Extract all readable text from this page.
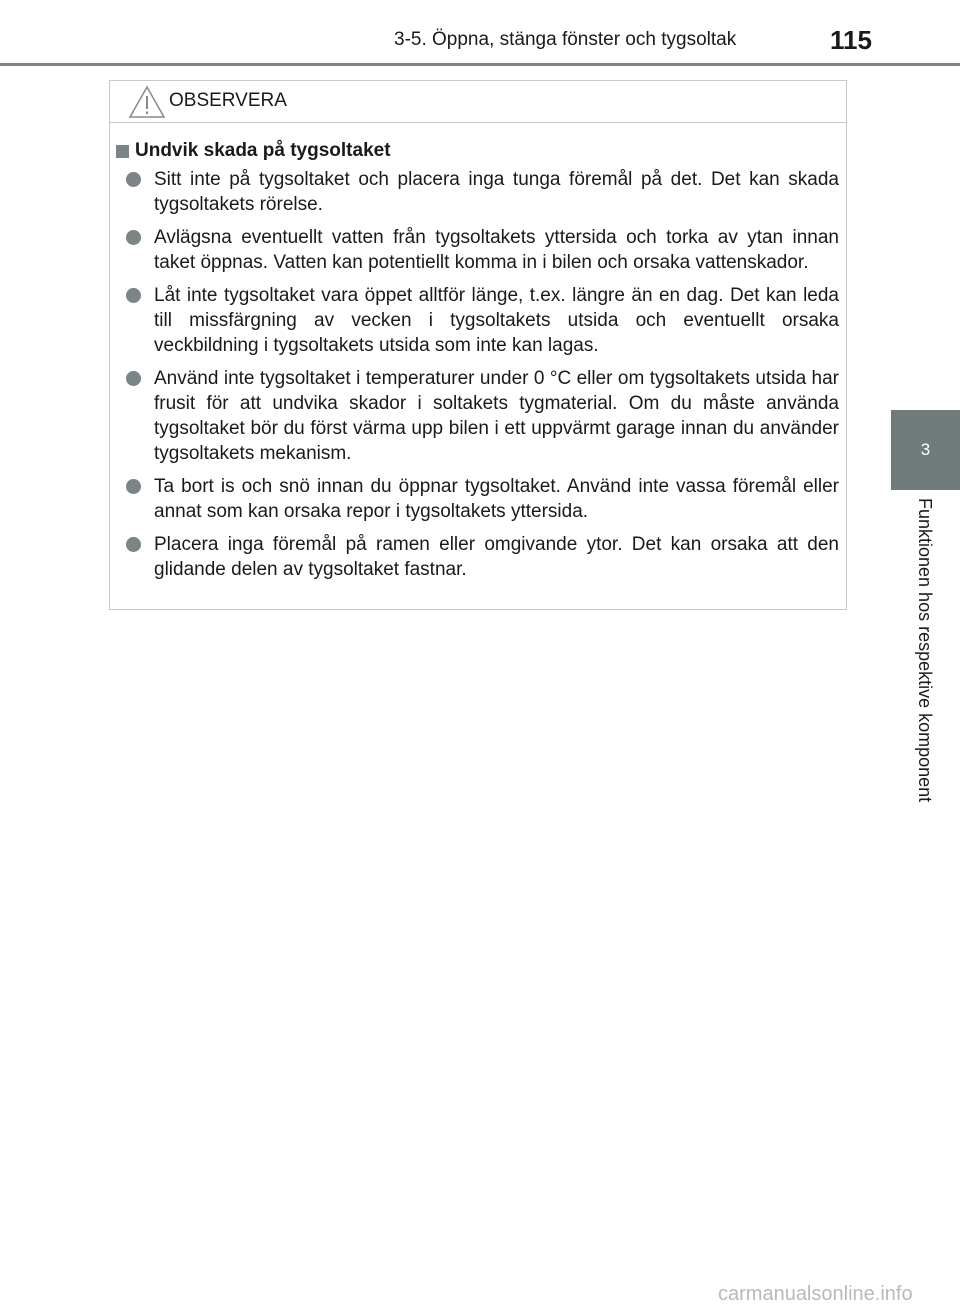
3-5. Öppna, stänga fönster och tygsoltak	115
3
Funktionen hos respektive komponent
OBSERVERA
Undvik skada på tygsoltaket
Sitt inte på tygsoltaket och placera inga tunga föremål på det. Det kan skada tygsoltakets rörelse.
Avlägsna eventuellt vatten från tygsoltakets yttersida och torka av ytan innan taket öppnas. Vatten kan potentiellt komma in i bilen och orsaka vattenskador.
Låt inte tygsoltaket vara öppet alltför länge, t.ex. längre än en dag. Det kan leda till missfärgning av vecken i tygsoltakets utsida och eventuellt orsaka veckbildning i tygsoltakets utsida som inte kan lagas.
Använd inte tygsoltaket i temperaturer under 0 °C eller om tygsoltakets utsida har frusit för att undvika skador i soltakets tygmaterial. Om du måste använda tygsoltaket bör du först värma upp bilen i ett uppvärmt garage innan du använder tygsoltakets mekanism.
Ta bort is och snö innan du öppnar tygsoltaket. Använd inte vassa föremål eller annat som kan orsaka repor i tygsoltakets yttersida.
Placera inga föremål på ramen eller omgivande ytor. Det kan orsaka att den glidande delen av tygsoltaket fastnar.
carmanualsonline.info
